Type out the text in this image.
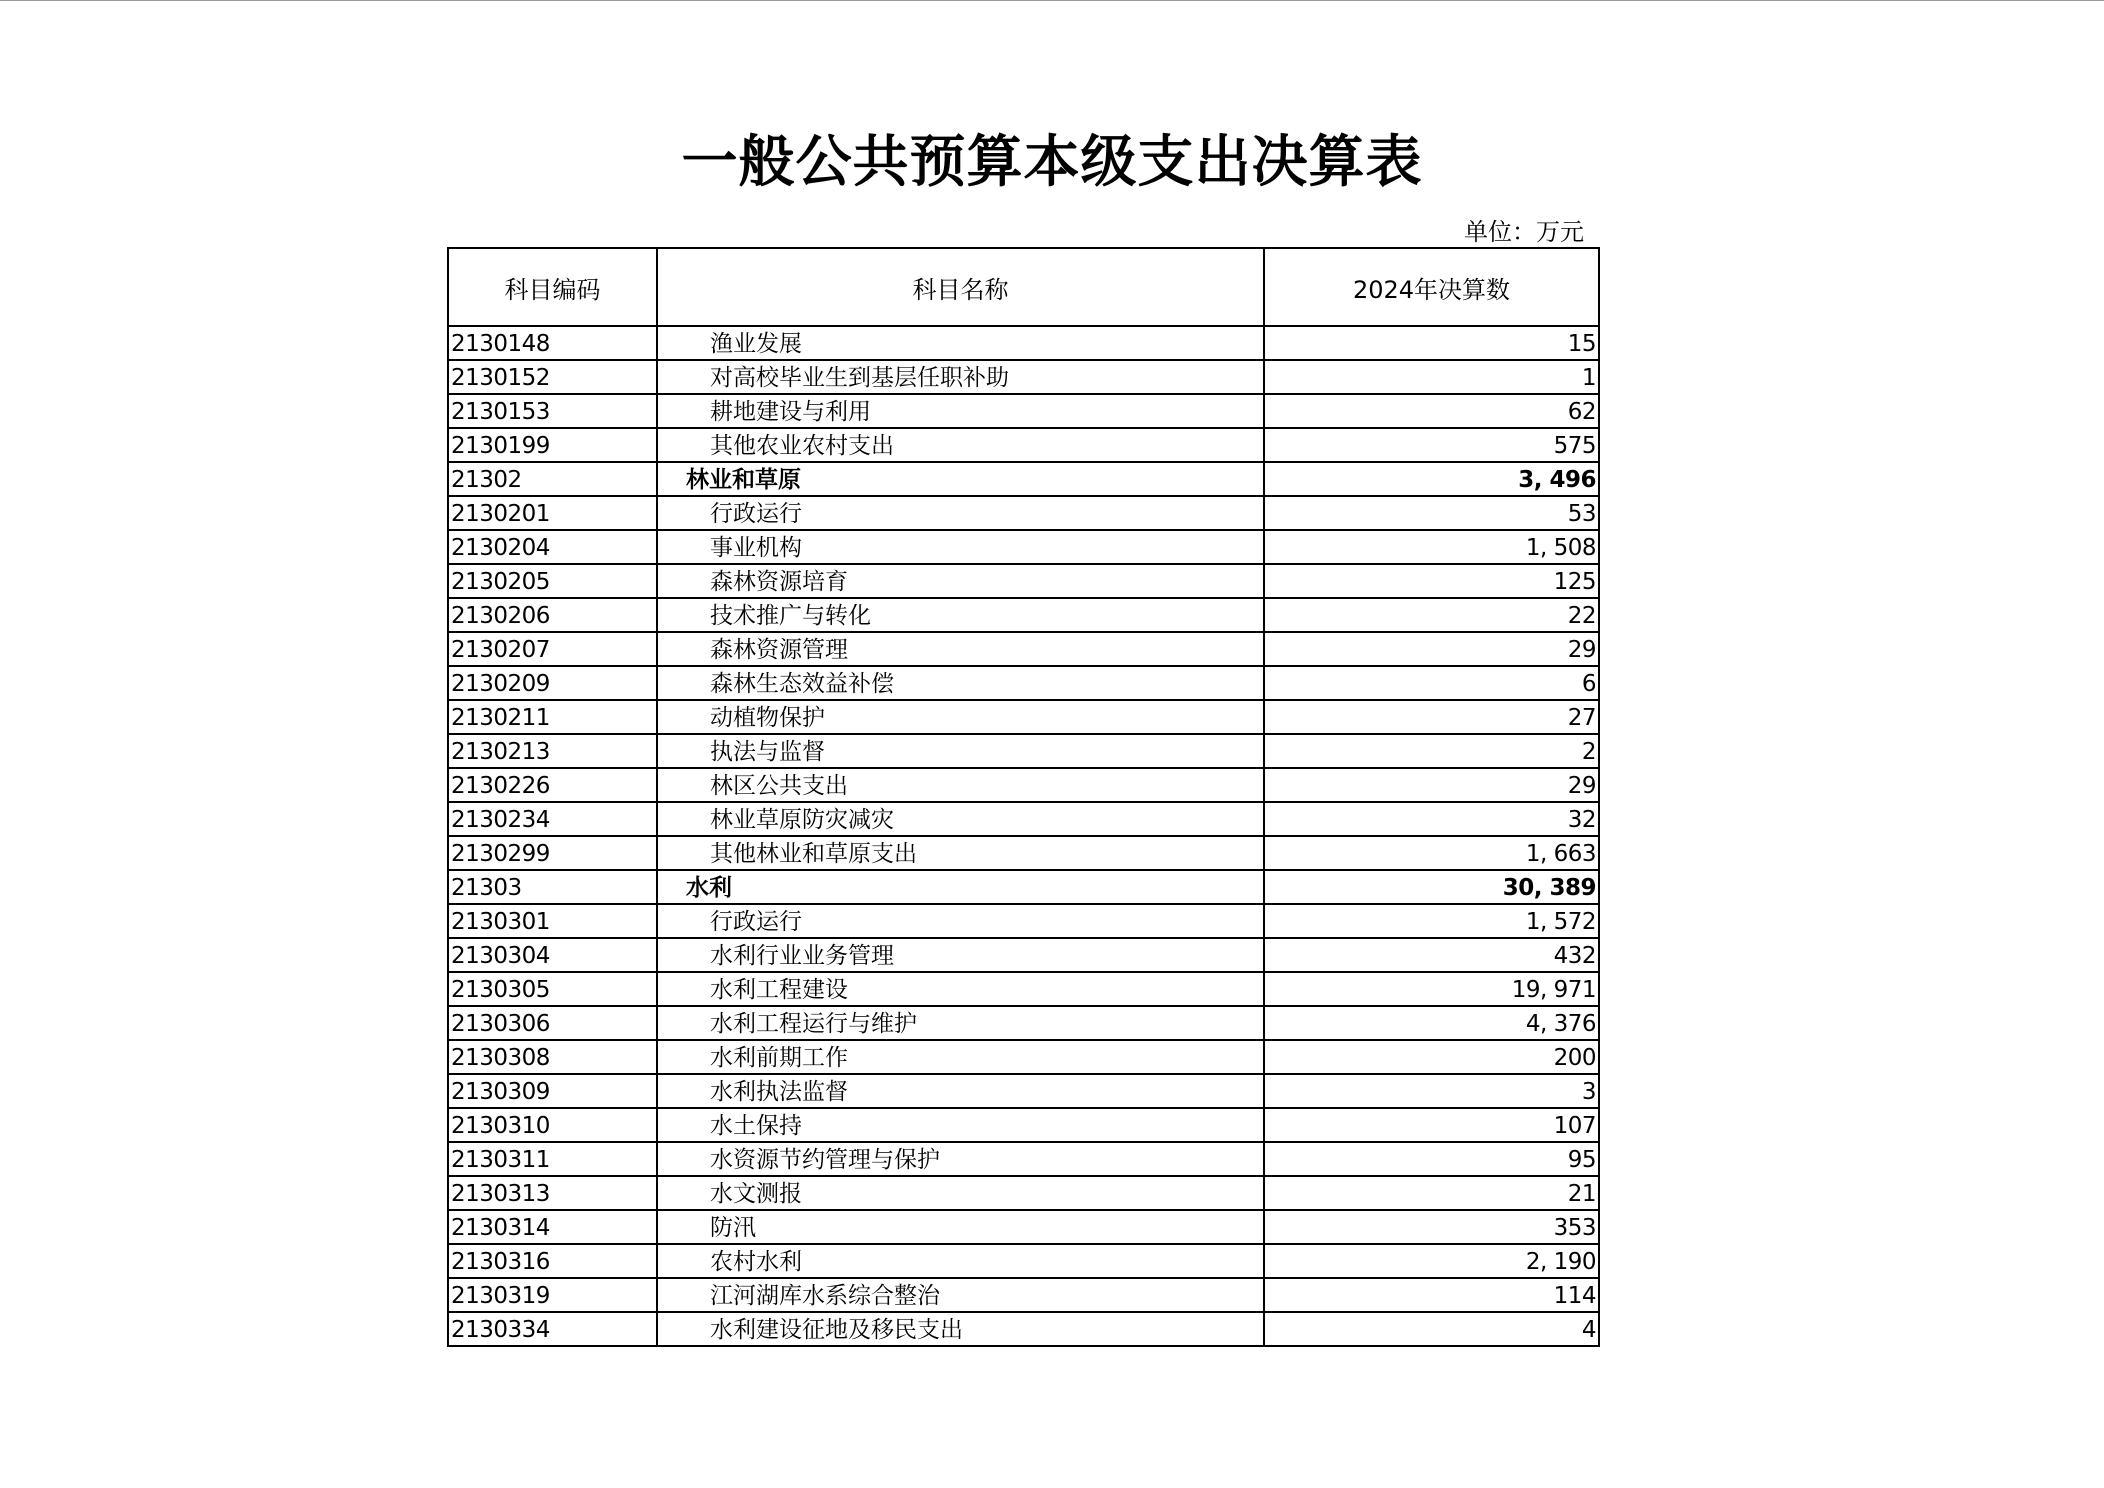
一般公共预算本级支出决算表
单位：万元
科目编码	科目名称	2024年决算数
2130148	渔业发展	15
2130152	对高校毕业生到基层任职补助	1
2130153	耕地建设与利用	62
2130199	其他农业农村支出	575
21302	林业和草原	3, 496
2130201	行政运行	53
2130204	事业机构	1, 508
2130205	森林资源培育	125
2130206	技术推广与转化	22
2130207	森林资源管理	29
2130209	森林生态效益补偿	6
2130211	动植物保护	27
2130213	执法与监督	2
2130226	林区公共支出	29
2130234	林业草原防灾减灾	32
2130299	其他林业和草原支出	1, 663
21303	水利	30, 389
2130301	行政运行	1, 572
2130304	水利行业业务管理	432
2130305	水利工程建设	19, 971
2130306	水利工程运行与维护	4, 376
2130308	水利前期工作	200
2130309	水利执法监督	3
2130310	水土保持	107
2130311	水资源节约管理与保护	95
2130313	水文测报	21
2130314	防汛	353
2130316	农村水利	2, 190
2130319	江河湖库水系综合整治	114
2130334	水利建设征地及移民支出	4
